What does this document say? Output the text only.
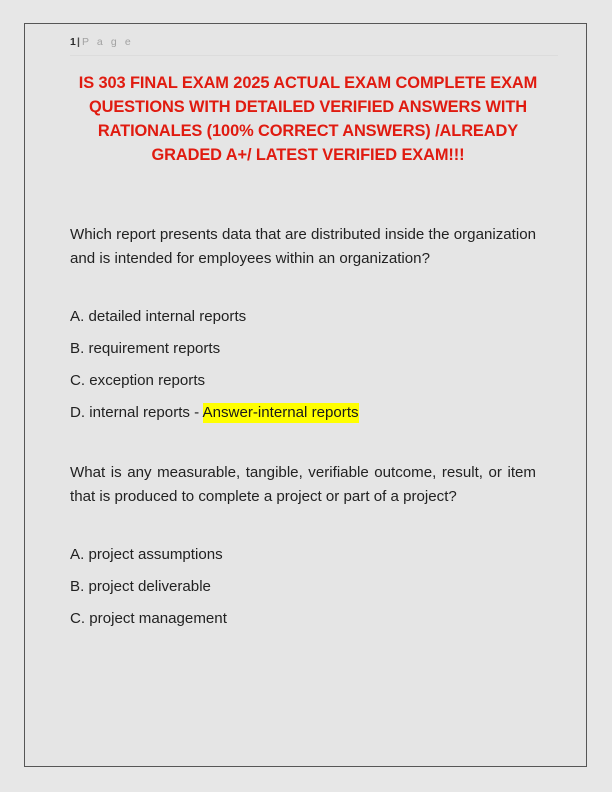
1| P a g e
IS 303 FINAL EXAM 2025 ACTUAL EXAM COMPLETE EXAM QUESTIONS WITH DETAILED VERIFIED ANSWERS WITH RATIONALES (100% CORRECT ANSWERS) /ALREADY GRADED A+/ LATEST VERIFIED EXAM!!!

Which report presents data that are distributed inside the organization and is intended for employees within an organization?

A. detailed internal reports
B. requirement reports
C. exception reports
D. internal reports - Answer-internal reports

What is any measurable, tangible, verifiable outcome, result, or item that is produced to complete a project or part of a project?

A. project assumptions
B. project deliverable
C. project management
